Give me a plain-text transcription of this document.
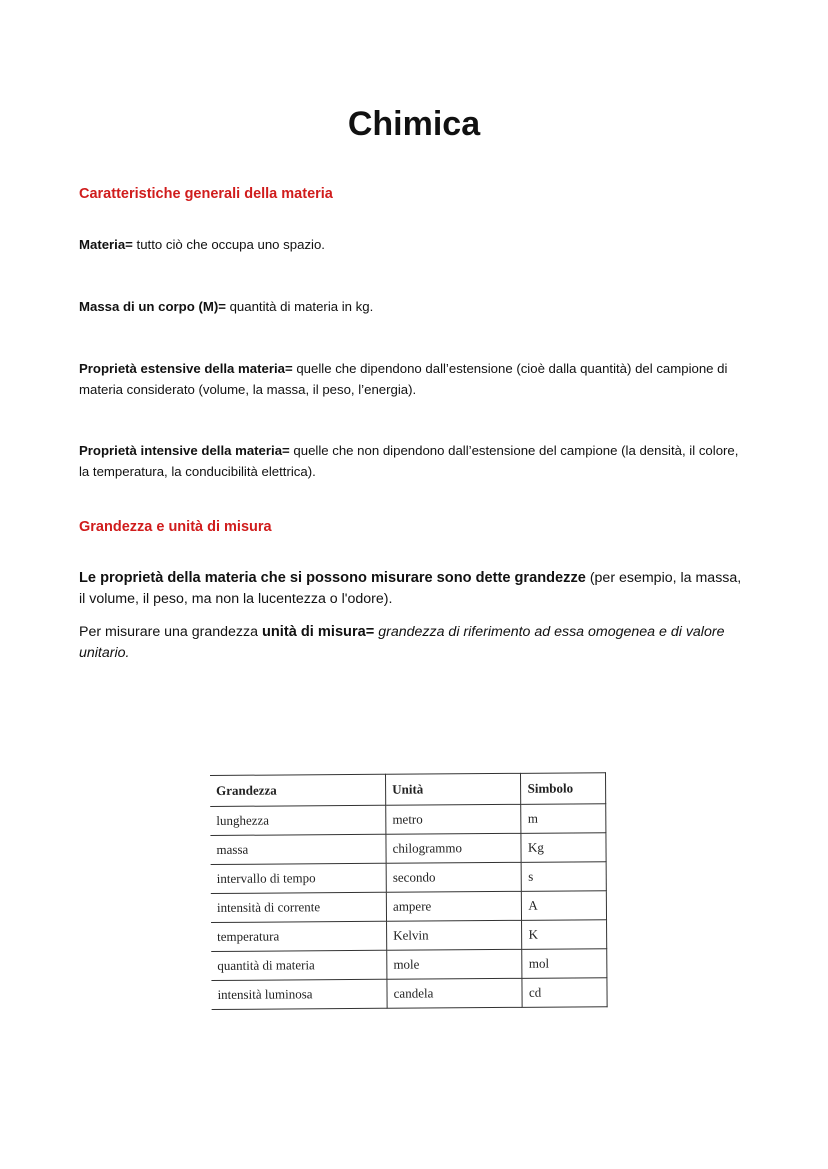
Chimica
Caratteristiche generali della materia

Materia= tutto ciò che occupa uno spazio.

Massa di un corpo (M)= quantità di materia in kg.

Proprietà estensive della materia= quelle che dipendono dall’estensione (cioè dalla quantità) del campione di materia considerato (volume, la massa, il peso, l’energia).

Proprietà intensive della materia= quelle che non dipendono dall’estensione del campione (la densità, il colore, la temperatura, la conducibilità elettrica).

Grandezza e unità di misura

Le proprietà della materia che si possono misurare sono dette grandezze (per esempio, la massa, il volume, il peso, ma non la lucentezza o l'odore).

Per misurare una grandezza unità di misura= grandezza di riferimento ad essa omogenea e di valore unitario.

Grandezza	Unità	Simbolo
lunghezza	metro	m
massa	chilogrammo	Kg
intervallo di tempo	secondo	s
intensità di corrente	ampere	A
temperatura	Kelvin	K
quantità di materia	mole	mol
intensità luminosa	candela	cd
